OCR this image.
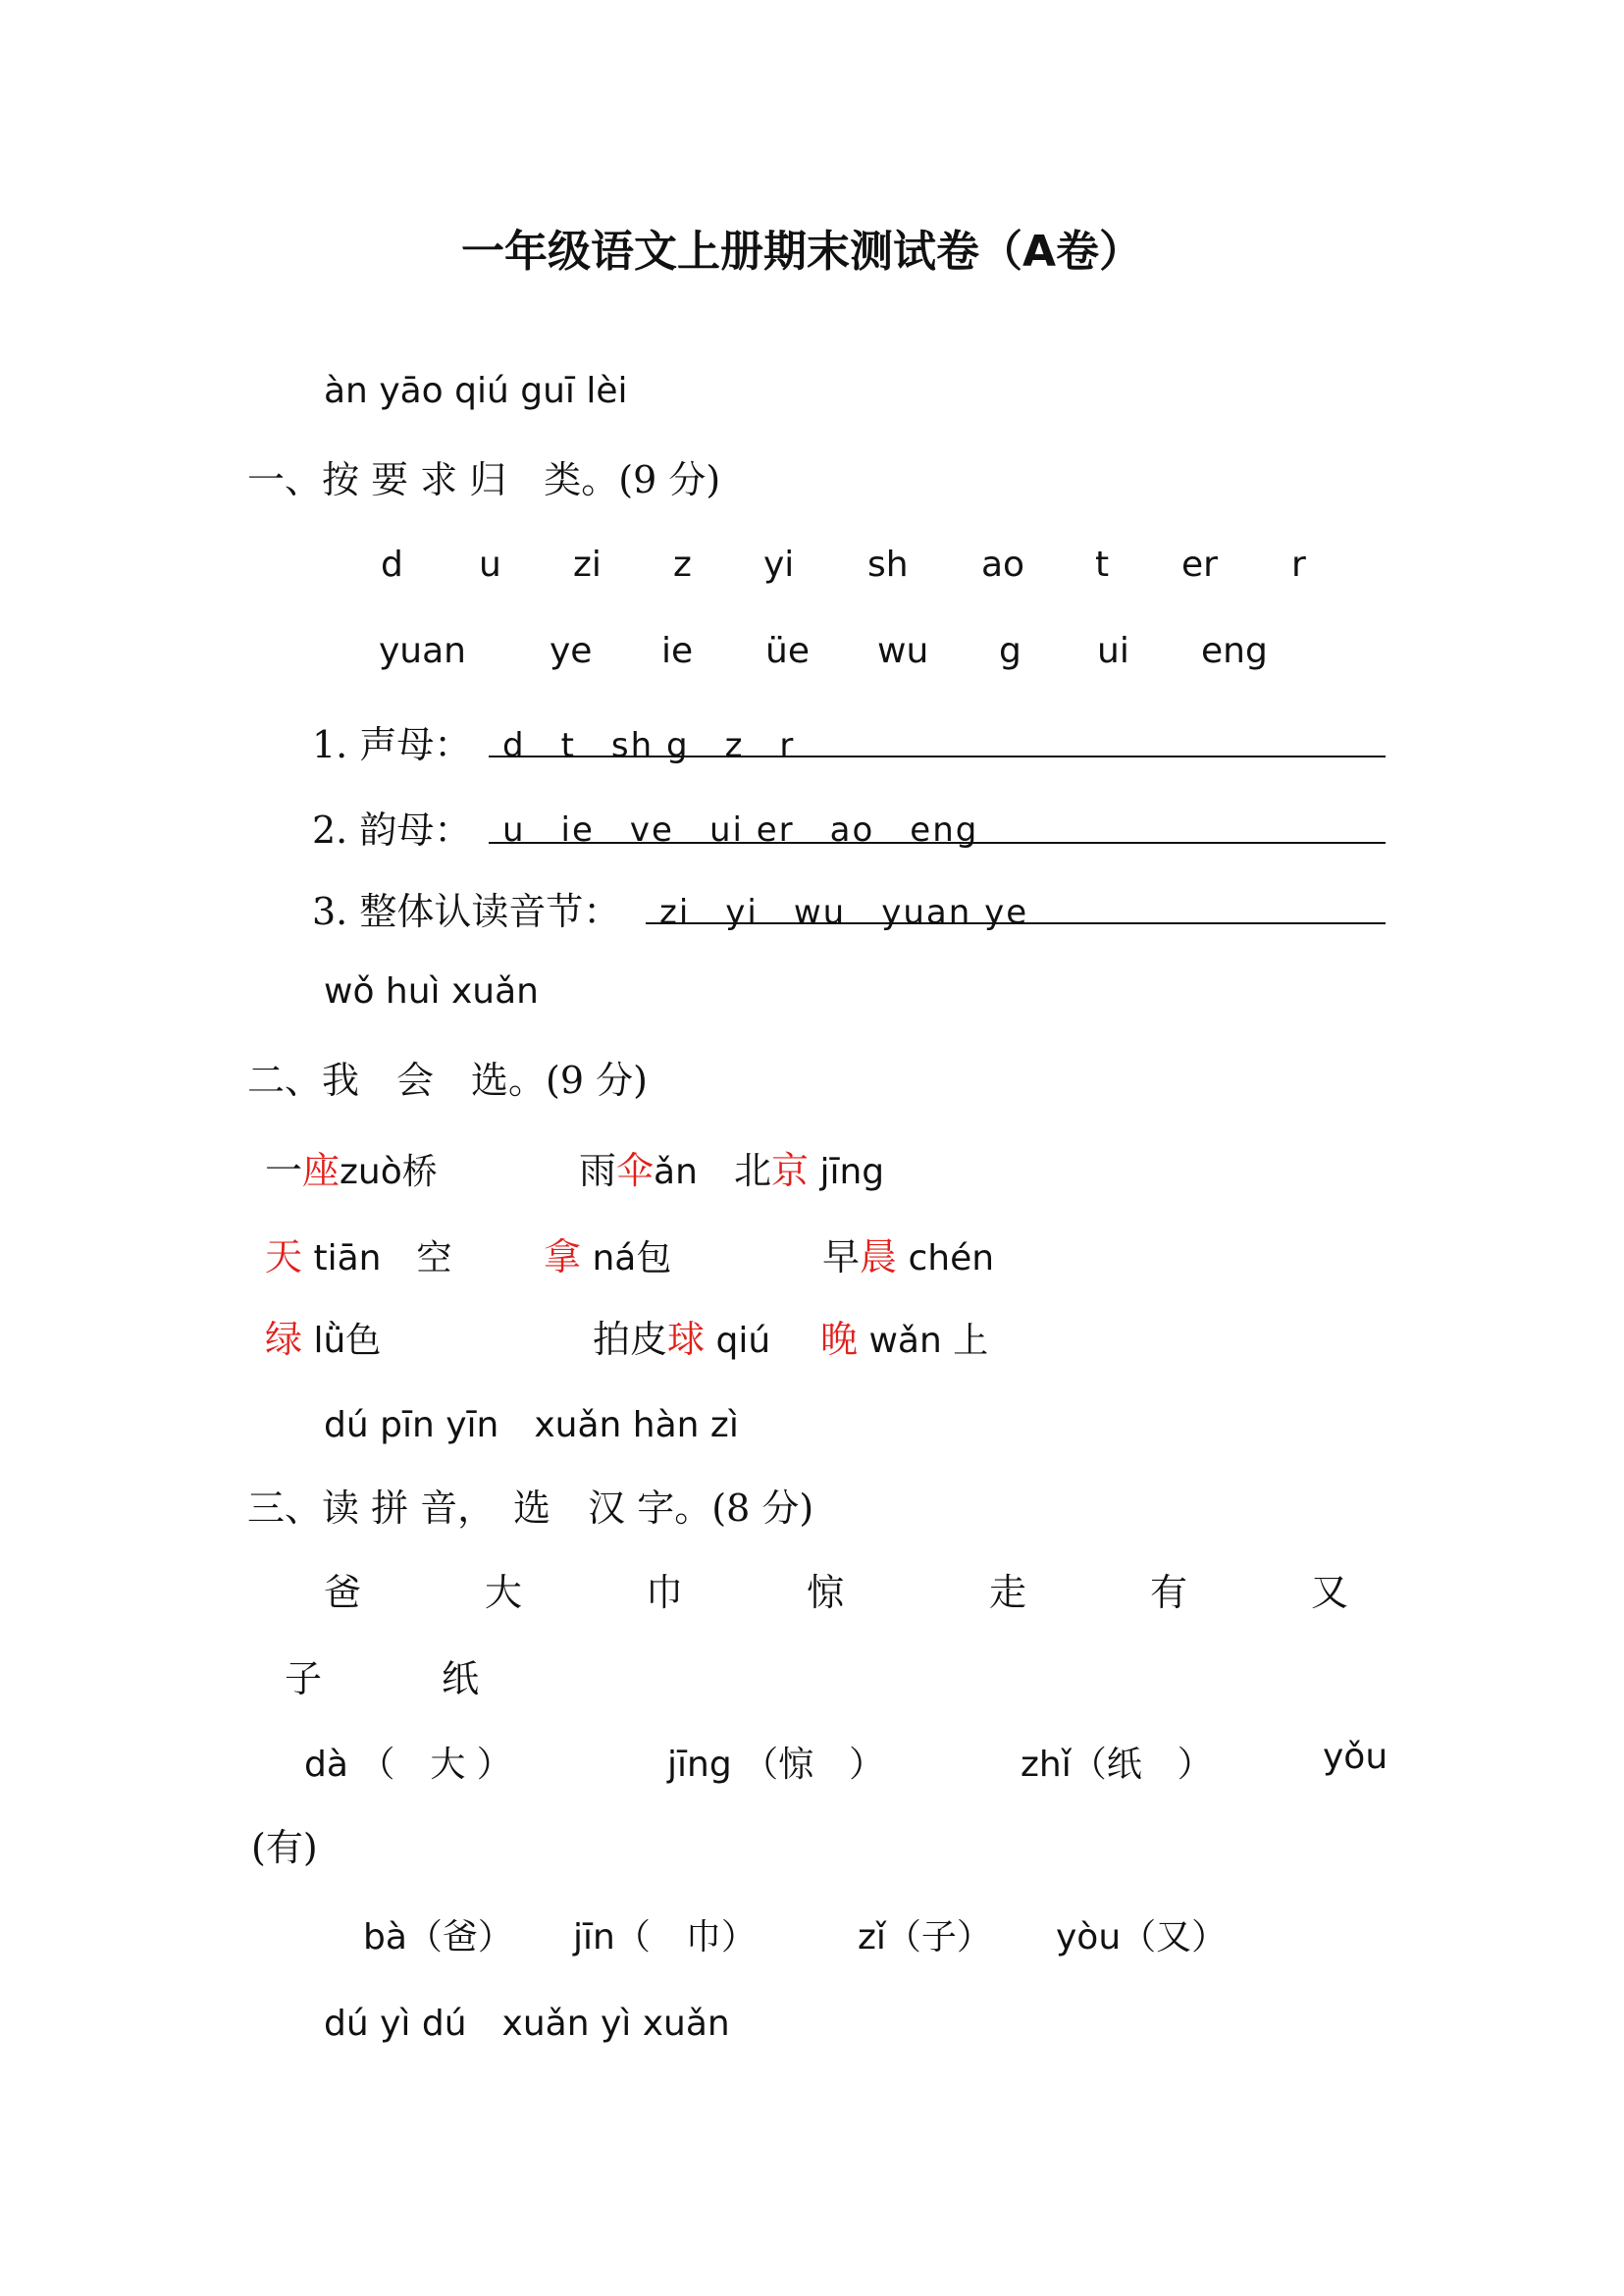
一年级语文上册期末测试卷（A卷）
àn yāo qiú guī lèi
一、按 要 求 归　类。(9 分)
d u zi z yi sh ao t er r
yuan ye ie üe wu g ui eng
1. 声母： d　t　sh g　z　r
2. 韵母： u　ie　ve　ui er　ao　eng
3. 整体认读音节： zi　yi　wu　yuan ye
wǒ huì xuǎn
二、我　会　选。(9 分)
一座zuò桥	雨伞ǎn 北京 jīng
天 tiān　空 拿 ná包	早晨 chén
绿 lǜ色	拍皮球 qiú 晚 wǎn 上
dú pīn yīn　xuǎn hàn zì
三、读 拼 音，　选　汉 字。(8 分)
爸	大	巾	惊	走	有	又
子	纸
dà （　大 ）	jīng （惊　）	zhǐ（纸　）	yǒu
(有)
bà（爸） jīn（　巾）	zǐ（子） yòu（又）
dú yì dú　xuǎn yì xuǎn
